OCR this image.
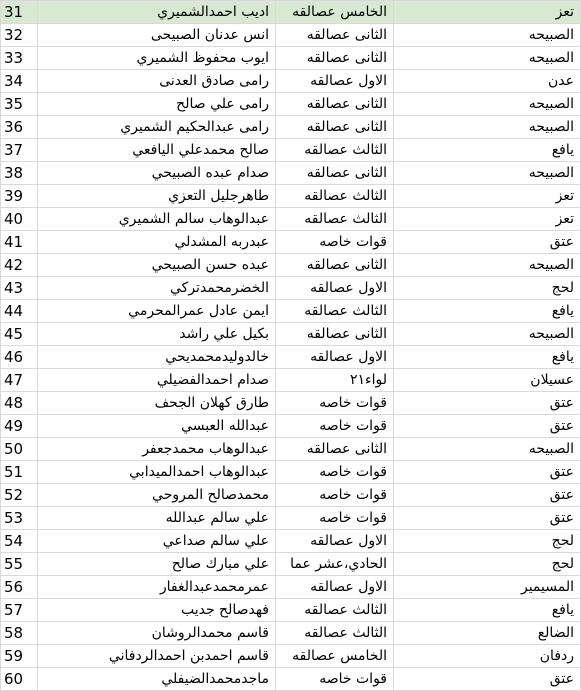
31	اديب احمدالشميري	الخامس عصالقه	تعز
32	انس عدنان الصبيحى	الثانى عصالقه	الصبيحه
33	ايوب محفوظ الشميري	الثانى عصالقه	الصبيحه
34	رامى صادق العدنى	الاول عصالقه	عدن
35	رامى علي صالح	الثانى عصالقه	الصبيحه
36	رامى عبدالحكيم الشميري	الثانى عصالقه	الصبيحه
37	صالح محمدعلي اليافعي	الثالث عصالقه	يافع
38	صدام عبده الصبيحي	الثانى عصالقه	الصبيحه
39	طاهرجليل التعزي	الثالث عصالقه	تعز
40	عبدالوهاب سالم الشميري	الثالث عصالقه	تعز
41	عبدربه المشدلي	قوات خاصه	عتق
42	عبده حسن الصبيحي	الثانى عصالقه	الصبيحه
43	الخضرمحمدتركي	الاول عصالقه	لحج
44	ايمن عادل عمرالمحرمي	الثالث عصالقه	يافع
45	بكيل علي راشد	الثانى عصالقه	الصبيحه
46	خالدوليدمحمديحي	الاول عصالقه	يافع
47	صدام احمدالفضيلي	لواء٢١	عسيلان
48	طارق كهلان الجحف	قوات خاصه	عتق
49	عبدالله العبسي	قوات خاصه	عتق
50	عبدالوهاب محمدجعفر	الثانى عصالقه	الصبيحه
51	عبدالوهاب احمدالميدابي	قوات خاصه	عتق
52	محمدصالح المروحي	قوات خاصه	عتق
53	علي سالم عبدالله	قوات خاصه	عتق
54	علي سالم صداعي	الاول عصالقه	لحج
55	علي مبارك صالح	الحادي،عشر عما	لحج
56	عمرمحمدعبدالغفار	الاول عصالقه	المسيمير
57	فهدصالح جديب	الثالث عصالقه	يافع
58	قاسم محمدالروشان	الثالث عصالقه	الضالع
59	قاسم احمدبن احمدالردفاني	الخامس عصالقه	ردفان
60	ماجدمحمدالضيفلي	قوات خاصه	عتق
